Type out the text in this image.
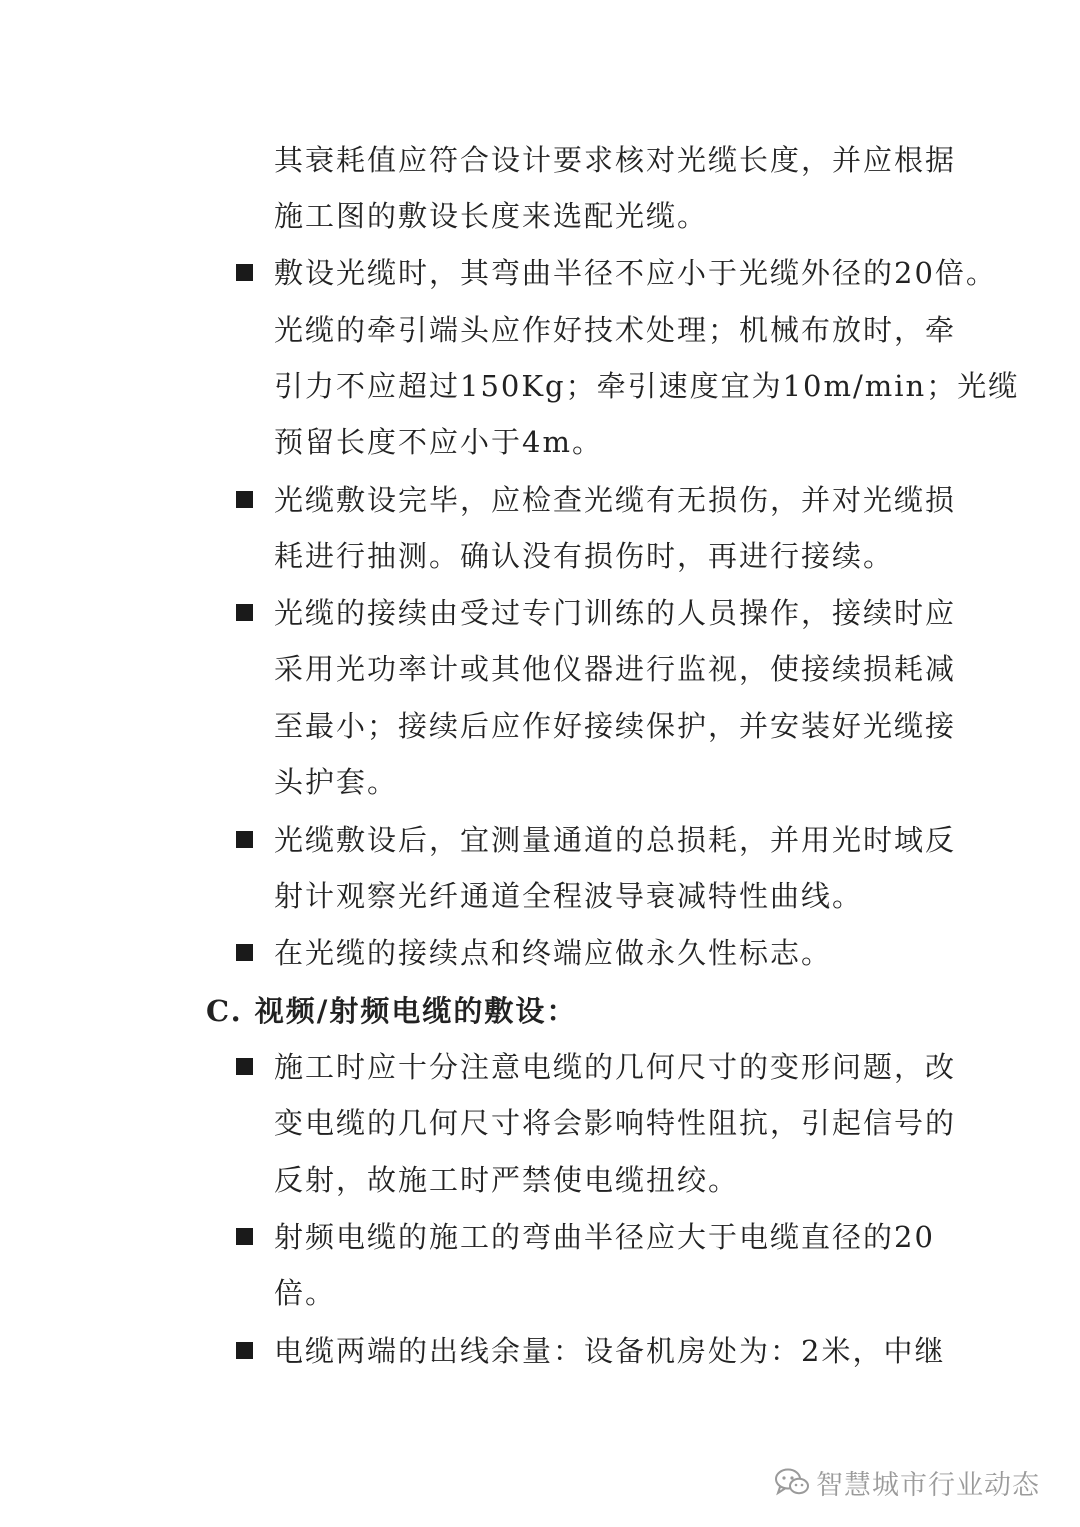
其衰耗值应符合设计要求核对光缆长度，并应根据
施工图的敷设长度来选配光缆。
敷设光缆时，其弯曲半径不应小于光缆外径的20倍。
光缆的牵引端头应作好技术处理；机械布放时，牵
引力不应超过150Kg；牵引速度宜为10m/min；光缆
预留长度不应小于4m。
光缆敷设完毕，应检查光缆有无损伤，并对光缆损
耗进行抽测。确认没有损伤时，再进行接续。
光缆的接续由受过专门训练的人员操作，接续时应
采用光功率计或其他仪器进行监视，使接续损耗减
至最小；接续后应作好接续保护，并安装好光缆接
头护套。
光缆敷设后，宜测量通道的总损耗，并用光时域反
射计观察光纤通道全程波导衰减特性曲线。
在光缆的接续点和终端应做永久性标志。
C. 视频/射频电缆的敷设：
施工时应十分注意电缆的几何尺寸的变形问题，改
变电缆的几何尺寸将会影响特性阻抗，引起信号的
反射，故施工时严禁使电缆扭绞。
射频电缆的施工的弯曲半径应大于电缆直径的20
倍。
电缆两端的出线余量：设备机房处为：2米，中继
智慧城市行业动态
